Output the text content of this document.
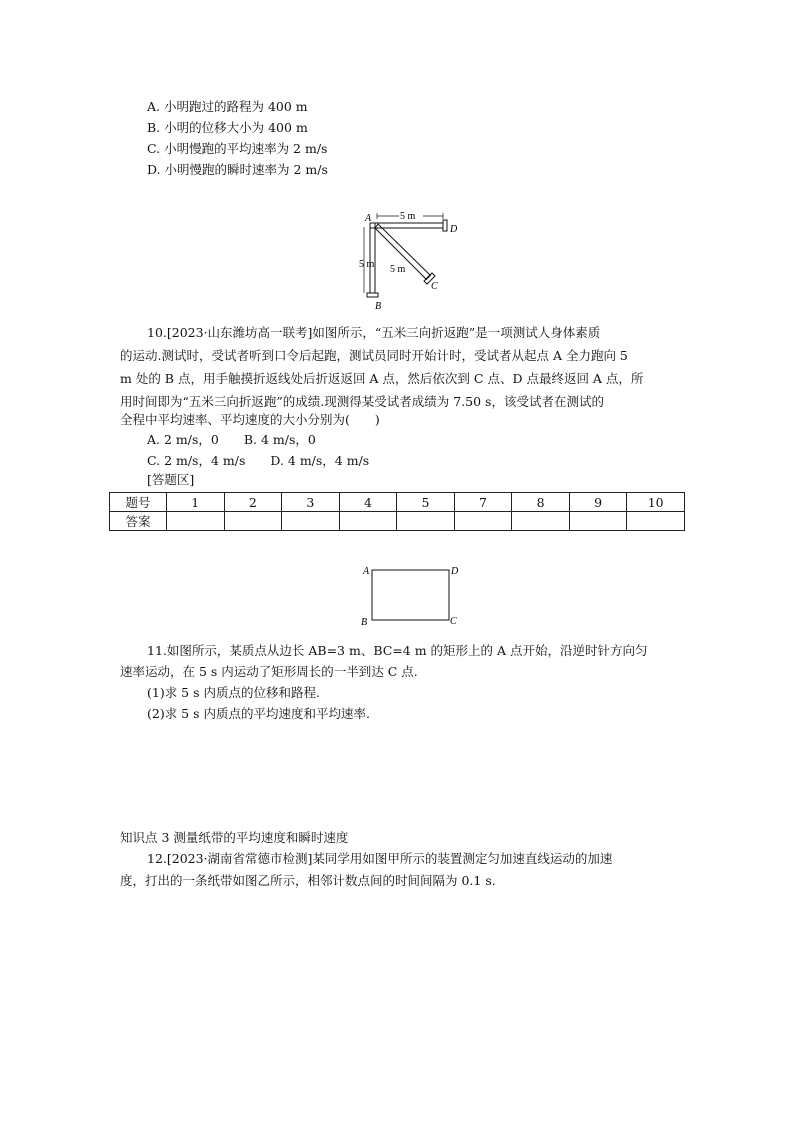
A. 小明跑过的路程为 400 m
B. 小明的位移大小为 400 m
C. 小明慢跑的平均速率为 2 m/s
D. 小明慢跑的瞬时速率为 2 m/s
A
D
C
B
5 m
5 m 5 m
10.[2023·山东潍坊高一联考]如图所示，“五米三向折返跑”是一项测试人身体素质
的运动.测试时，受试者听到口令后起跑，测试员同时开始计时，受试者从起点 A 全力跑向 5
m 处的 B 点，用手触摸折返线处后折返返回 A 点，然后依次到 C 点、D 点最终返回 A 点，所
用时间即为“五米三向折返跑”的成绩.现测得某受试者成绩为 7.50 s，该受试者在测试的
全程中平均速率、平均速度的大小分别为(　　)
A. 2 m/s，0　　B. 4 m/s，0
C. 2 m/s，4 m/s　　D. 4 m/s，4 m/s
[答题区]
题号	1	2	3	4	5	7	8	9	10
答案									
A	D
B	C
11.如图所示，某质点从边长 AB=3 m、BC=4 m 的矩形上的 A 点开始，沿逆时针方向匀
速率运动，在 5 s 内运动了矩形周长的一半到达 C 点.
(1)求 5 s 内质点的位移和路程.
(2)求 5 s 内质点的平均速度和平均速率.
知识点 3 测量纸带的平均速度和瞬时速度
12.[2023·湖南省常德市检测]某同学用如图甲所示的装置测定匀加速直线运动的加速
度，打出的一条纸带如图乙所示，相邻计数点间的时间间隔为 0.1 s.
